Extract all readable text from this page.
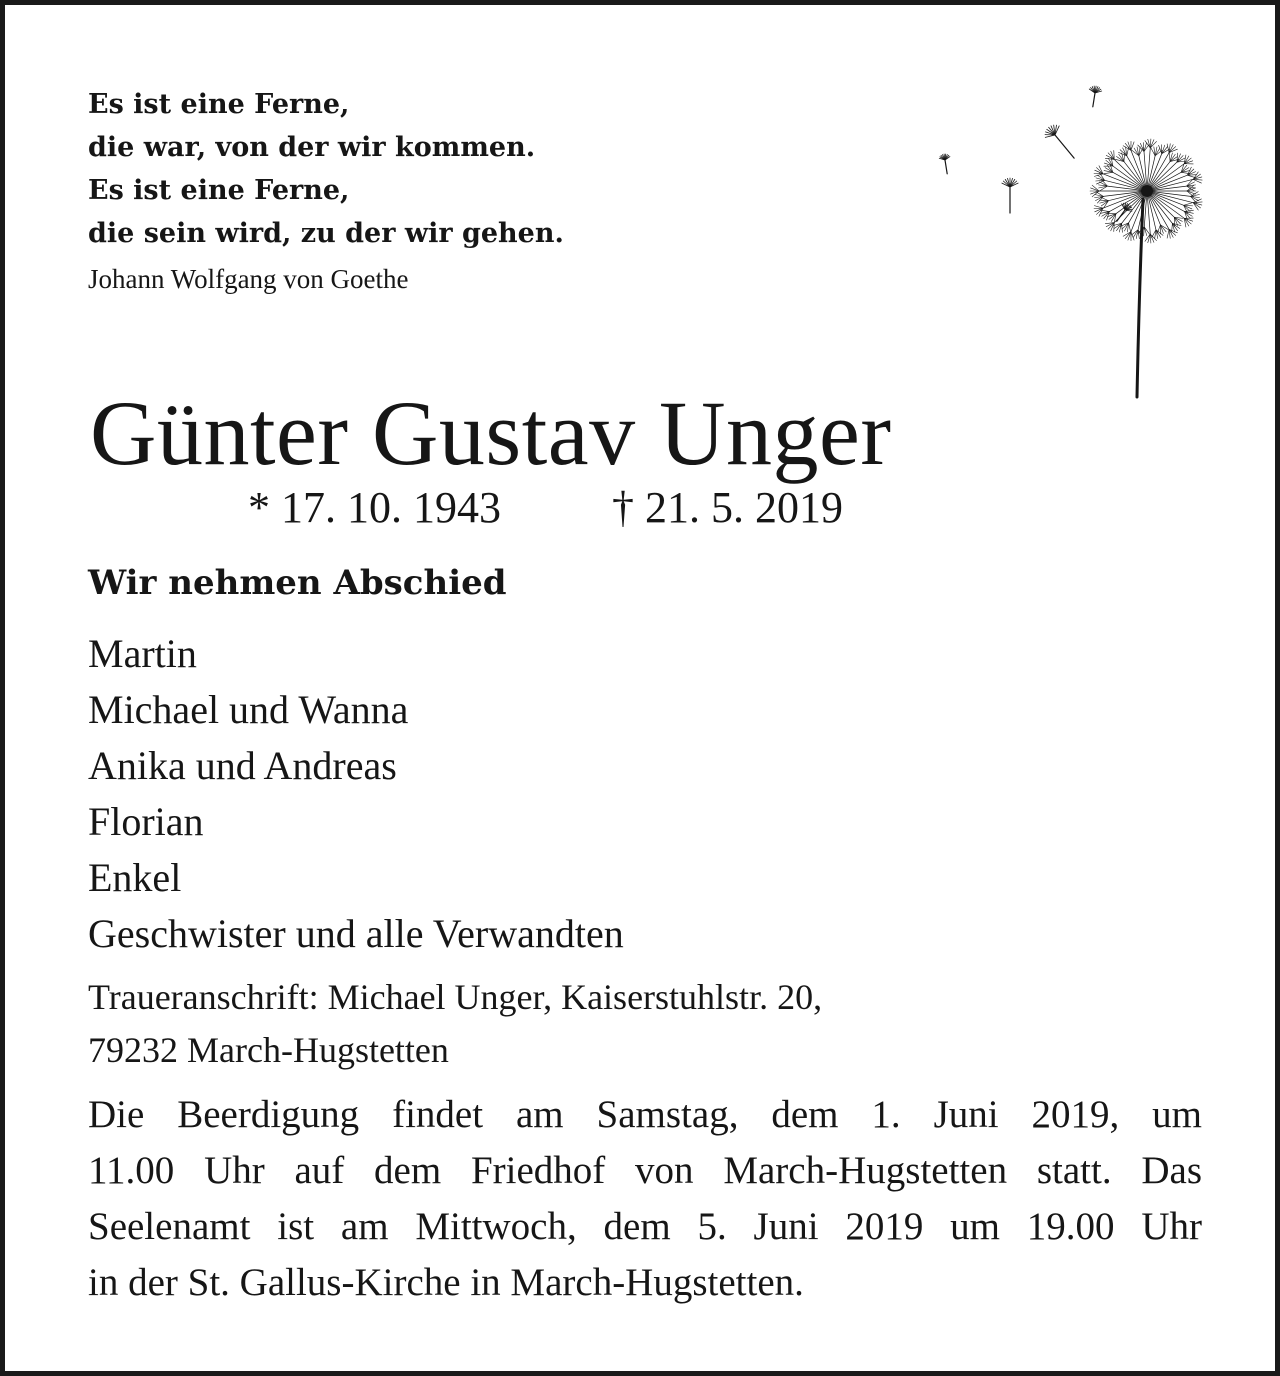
Es ist eine Ferne,
die war, von der wir kommen.
Es ist eine Ferne,
die sein wird, zu der wir gehen.
Johann Wolfgang von Goethe
Günter Gustav Unger
* 17. 10. 1943	† 21. 5. 2019
Wir nehmen Abschied
Martin
Michael und Wanna
Anika und Andreas
Florian
Enkel
Geschwister und alle Verwandten
Traueranschrift: Michael Unger, Kaiserstuhlstr. 20,
79232 March-Hugstetten
Die Beerdigung findet am Samstag, dem 1. Juni 2019, um
11.00 Uhr auf dem Friedhof von March-Hugstetten statt. Das
Seelenamt ist am Mittwoch, dem 5. Juni 2019 um 19.00 Uhr
in der St. Gallus-Kirche in March-Hugstetten.
